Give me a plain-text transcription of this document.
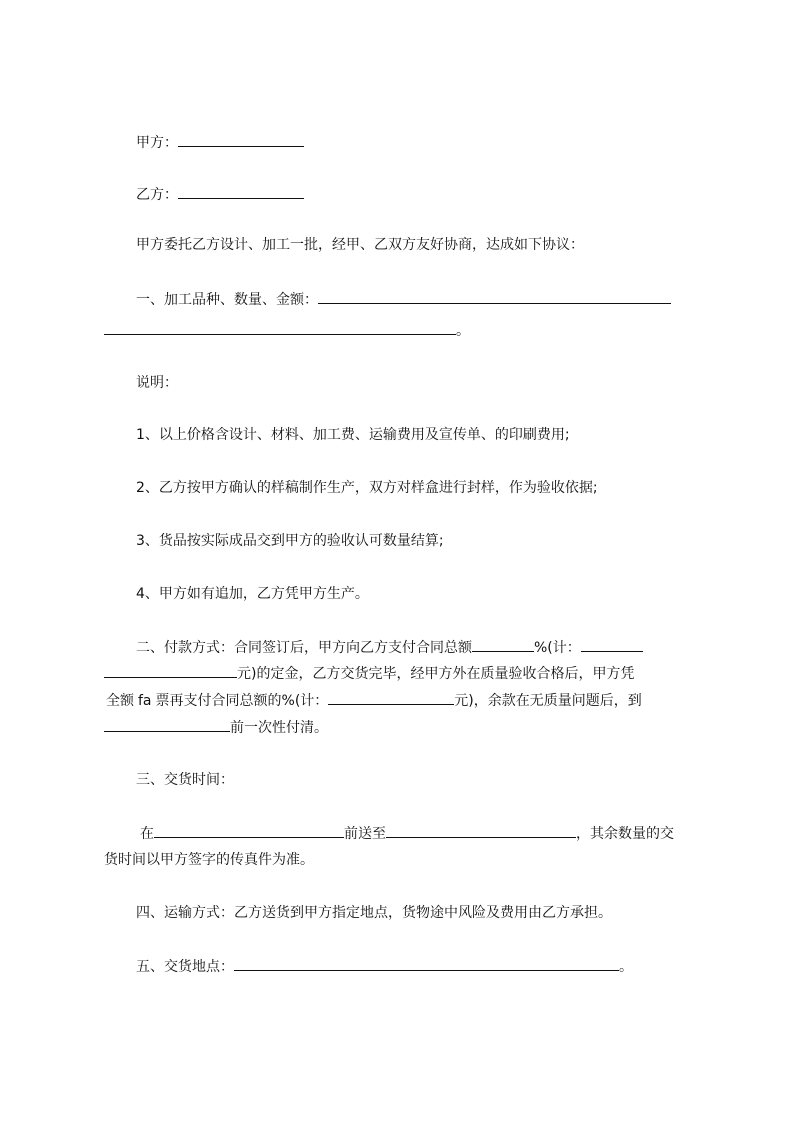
甲方：
乙方：
甲方委托乙方设计、加工一批，经甲、乙双方友好协商，达成如下协议：
一、加工品种、数量、金额：
。
说明：
1、以上价格含设计、材料、加工费、运输费用及宣传单、的印刷费用;
2、乙方按甲方确认的样稿制作生产，双方对样盒进行封样，作为验收依据;
3、货品按实际成品交到甲方的验收认可数量结算;
4、甲方如有追加，乙方凭甲方生产。
二、付款方式：合同签订后，甲方向乙方支付合同总额	%(计：
元)的定金，乙方交货完毕，经甲方外在质量验收合格后，甲方凭
全额 fa 票再支付合同总额的%(计：	元)，余款在无质量问题后，到
前一次性付清。
三、交货时间：
在	前送至	，其余数量的交
货时间以甲方签字的传真件为准。
四、运输方式：乙方送货到甲方指定地点，货物途中风险及费用由乙方承担。
五、交货地点：	。
